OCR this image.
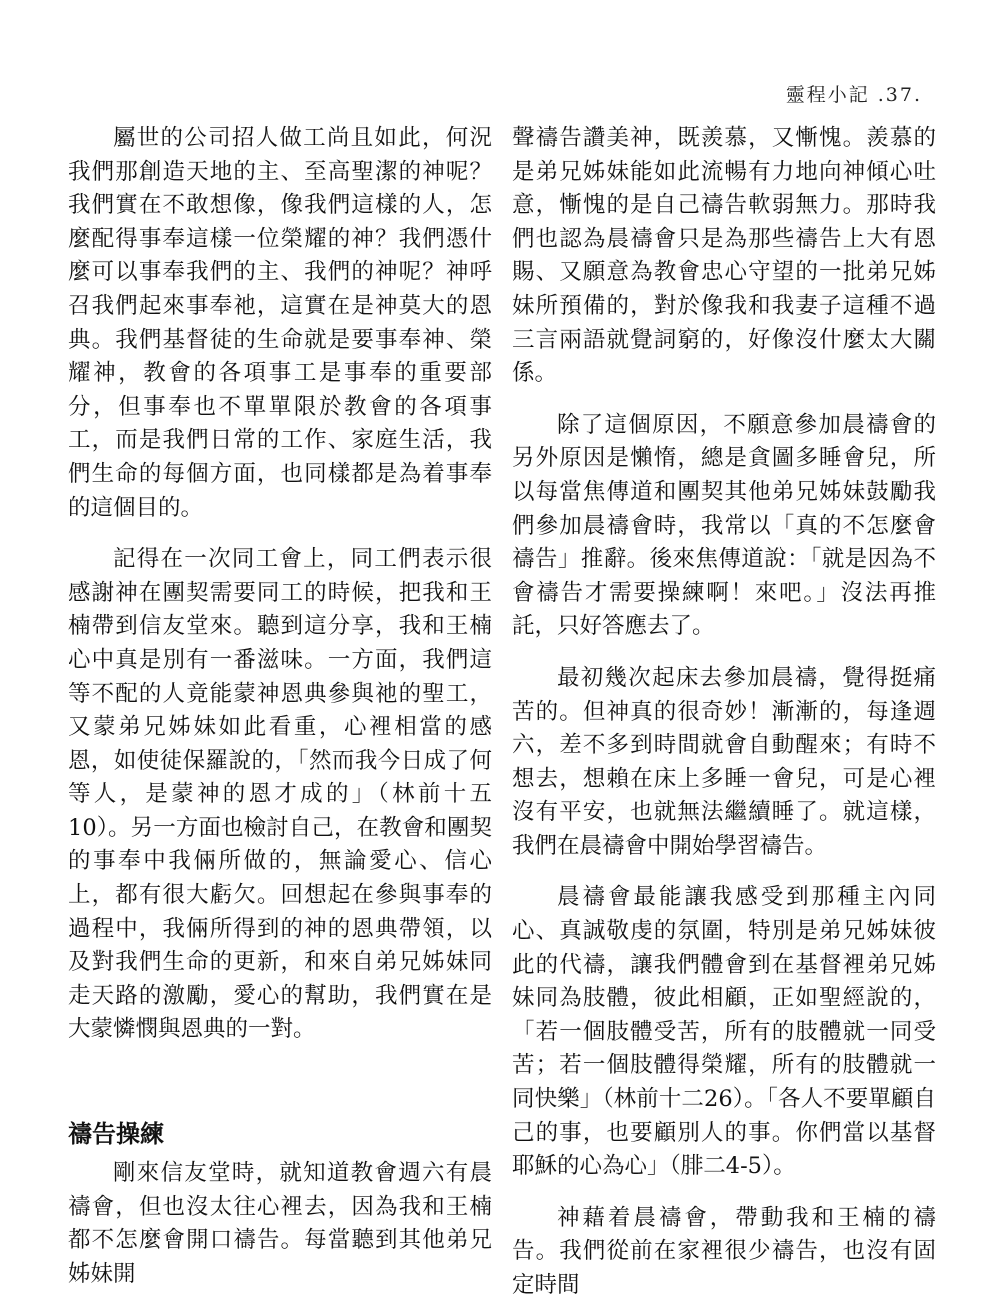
靈程小記 .37.

屬世的公司招人做工尚且如此，何況我們那創造天地的主、至高聖潔的神呢？我們實在不敢想像，像我們這樣的人，怎麼配得事奉這樣一位榮耀的神？我們憑什麼可以事奉我們的主、我們的神呢？神呼召我們起來事奉祂，這實在是神莫大的恩典。我們基督徒的生命就是要事奉神、榮耀神，教會的各項事工是事奉的重要部分，但事奉也不單單限於教會的各項事工，而是我們日常的工作、家庭生活，我們生命的每個方面，也同樣都是為着事奉的這個目的。

記得在一次同工會上，同工們表示很感謝神在團契需要同工的時候，把我和王楠帶到信友堂來。聽到這分享，我和王楠心中真是別有一番滋味。一方面，我們這等不配的人竟能蒙神恩典參與祂的聖工，又蒙弟兄姊妹如此看重，心裡相當的感恩，如使徒保羅說的，「然而我今日成了何等人，是蒙神的恩才成的」（林前十五10）。另一方面也檢討自己，在教會和團契的事奉中我倆所做的，無論愛心、信心上，都有很大虧欠。回想起在參與事奉的過程中，我倆所得到的神的恩典帶領，以及對我們生命的更新，和來自弟兄姊妹同走天路的激勵，愛心的幫助，我們實在是大蒙憐憫與恩典的一對。

禱告操練

剛來信友堂時，就知道教會週六有晨禱會，但也沒太往心裡去，因為我和王楠都不怎麼會開口禱告。每當聽到其他弟兄姊妹開

聲禱告讚美神，既羨慕，又慚愧。羨慕的是弟兄姊妹能如此流暢有力地向神傾心吐意，慚愧的是自己禱告軟弱無力。那時我們也認為晨禱會只是為那些禱告上大有恩賜、又願意為教會忠心守望的一批弟兄姊妹所預備的，對於像我和我妻子這種不過三言兩語就覺詞窮的，好像沒什麼太大關係。

除了這個原因，不願意參加晨禱會的另外原因是懶惰，總是貪圖多睡會兒，所以每當焦傳道和團契其他弟兄姊妹鼓勵我們參加晨禱會時，我常以「真的不怎麼會禱告」推辭。後來焦傳道說：「就是因為不會禱告才需要操練啊！來吧。」沒法再推託，只好答應去了。

最初幾次起床去參加晨禱，覺得挺痛苦的。但神真的很奇妙！漸漸的，每逢週六，差不多到時間就會自動醒來；有時不想去，想賴在床上多睡一會兒，可是心裡沒有平安，也就無法繼續睡了。就這樣，我們在晨禱會中開始學習禱告。

晨禱會最能讓我感受到那種主內同心、真誠敬虔的氛圍，特別是弟兄姊妹彼此的代禱，讓我們體會到在基督裡弟兄姊妹同為肢體，彼此相顧，正如聖經說的，「若一個肢體受苦，所有的肢體就一同受苦；若一個肢體得榮耀，所有的肢體就一同快樂」（林前十二26）。「各人不要單顧自己的事，也要顧別人的事。你們當以基督耶穌的心為心」（腓二4-5）。

神藉着晨禱會，帶動我和王楠的禱告。我們從前在家裡很少禱告，也沒有固定時間
